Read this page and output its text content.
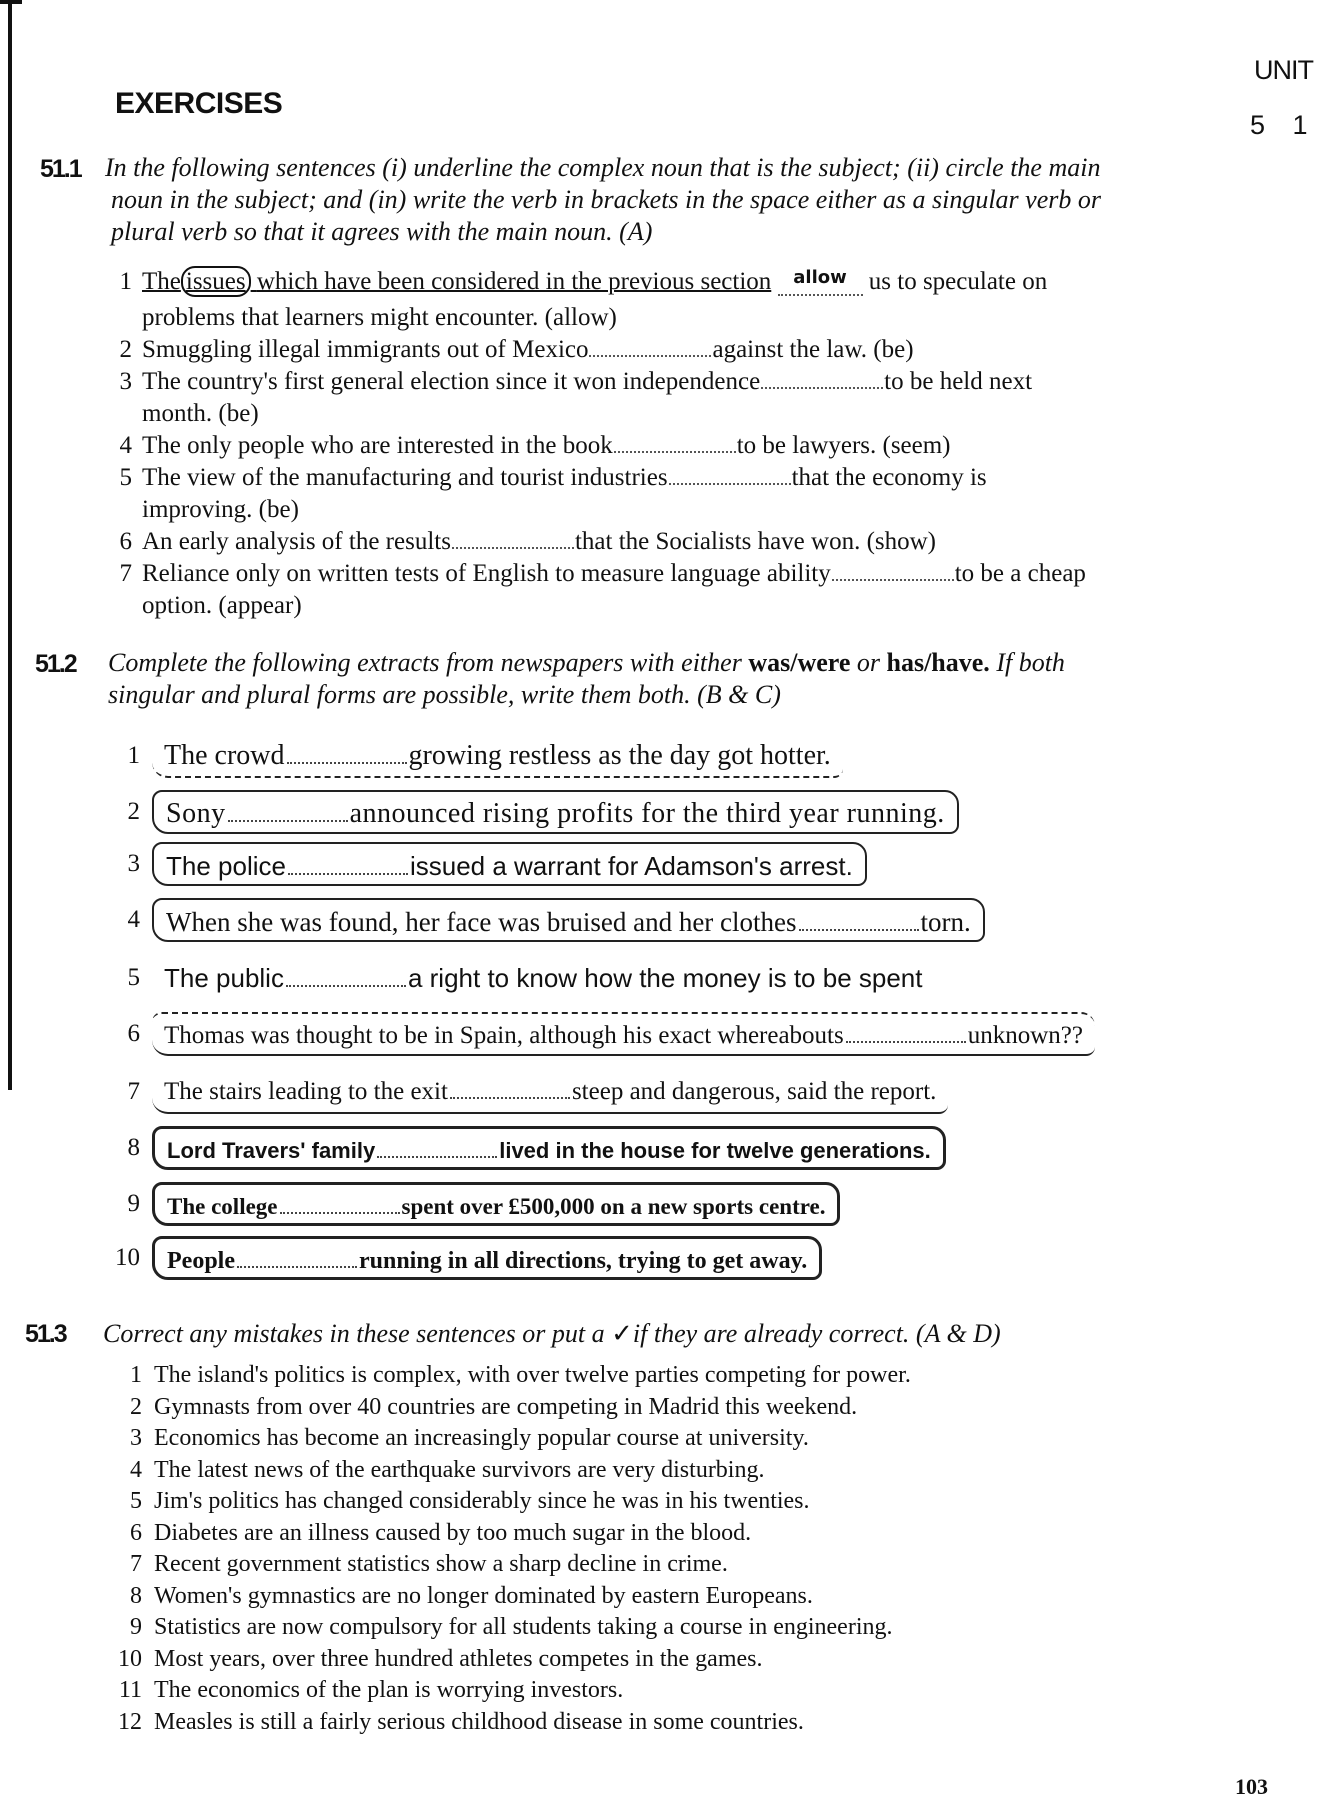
UNIT
5 1
EXERCISES
51.1 In the following sentences (i) underline the complex noun that is the subject; (ii) circle the main
noun in the subject; and (in) write the verb in brackets in the space either as a singular verb or
plural verb so that it agrees with the main noun. (A)
1 The issues which have been considered in the previous section allow us to speculate on
problems that learners might encounter. (allow)
2 Smuggling illegal immigrants out of Mexico	against the law. (be)
3 The country's first general election since it won independence	to be held next
month. (be)
4 The only people who are interested in the book	to be lawyers. (seem)
5 The view of the manufacturing and tourist industries	that the economy is
improving. (be)
6 An early analysis of the results	that the Socialists have won. (show)
7 Reliance only on written tests of English to measure language ability	to be a cheap
option. (appear)
51.2 Complete the following extracts from newspapers with either was/were or has/have. If both
singular and plural forms are possible, write them both. (B & C)
1 The crowd	growing restless as the day got hotter.
2 Sony	announced rising profits for the third year running.
3	The police	issued a warrant for Adamson's arrest.
4 When she was found, her face was bruised and her clothes	torn.
5 The public	a right to know how the money is to be spent
6 Thomas was thought to be in Spain, although his exact whereabouts	unknown??
7 The stairs leading to the exit	steep and dangerous, said the report.
8	Lord Travers' family	lived in the house for twelve generations.
9	The college	spent over £500,000 on a new sports centre.
10	People	running in all directions, trying to get away.
51.3 Correct any mistakes in these sentences or put a ✓if they are already correct. (A & D)
1 The island's politics is complex, with over twelve parties competing for power.
2 Gymnasts from over 40 countries are competing in Madrid this weekend.
3 Economics has become an increasingly popular course at university.
4 The latest news of the earthquake survivors are very disturbing.
5 Jim's politics has changed considerably since he was in his twenties.
6 Diabetes are an illness caused by too much sugar in the blood.
7 Recent government statistics show a sharp decline in crime.
8 Women's gymnastics are no longer dominated by eastern Europeans.
9 Statistics are now compulsory for all students taking a course in engineering.
10 Most years, over three hundred athletes competes in the games.
11 The economics of the plan is worrying investors.
12 Measles is still a fairly serious childhood disease in some countries.
103
